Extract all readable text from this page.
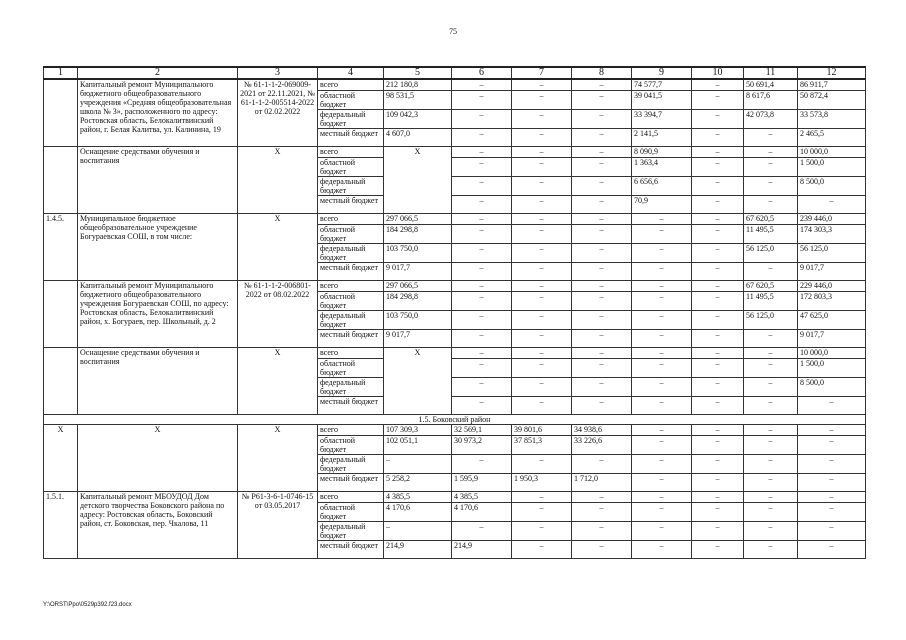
75
1	2	3	4	5	6	7	8	9	10	11	12
	Капитальный ремонт Муниципального бюджетного общеобразовательного учреждения «Средняя общеобразовательная школа № 3», расположенного по адресу: Ростовская область, Белокалитвинский район, г. Белая Калитва, ул. Калинина, 19	№ 61-1-1-2-069009-2021 от 22.11.2021, № 61-1-1-2-005514-2022 от 02.02.2022	всего	212 180,8	–	–	–	74 577,7	–	50 691,4	86 911,7
			областной бюджет	98 531,5	–	–	–	39 041,5	–	8 617,6	50 872,4
			федеральный бюджет	109 042,3	–	–	–	33 394,7	–	42 073,8	33 573,8
			местный бюджет	4 607,0	–	–	–	2 141,5	–	–	2 465,5
	Оснащение средствами обучения и воспитания	Х	всего	Х	–	–	–	8 090,9	–	–	10 000,0
			областной бюджет		–	–	–	1 363,4	–	–	1 500,0
			федеральный бюджет		–	–	–	6 656,6	–	–	8 500,0
			местный бюджет		–	–	–	70,9	–	–	–
1.4.5.	Муниципальное бюджетное общеобразовательное учреждение Богураевская СОШ, в том числе:	Х	всего	297 066,5	–	–	–	–	–	67 620,5	239 446,0
			областной бюджет	184 298,8	–	–	–	–	–	11 495,5	174 303,3
			федеральный бюджет	103 750,0	–	–	–	–	–	56 125,0	56 125,0
			местный бюджет	9 017,7	–	–	–	–	–	–	9 017,7
	Капитальный ремонт Муниципального бюджетного общеобразовательного учреждения Богураевская СОШ, по адресу: Ростовская область, Белокалитвинский район, х. Богураев, пер. Школьный, д. 2	№ 61-1-1-2-006801-2022 от 08.02.2022	всего	297 066,5	–	–	–	–	–	67 620,5	229 446,0
			областной бюджет	184 298,8	–	–	–	–	–	11 495,5	172 803,3
			федеральный бюджет	103 750,0	–	–	–	–	–	56 125,0	47 625,0
			местный бюджет	9 017,7	–	–	–	–	–	–	9 017,7
	Оснащение средствами обучения и воспитания	Х	всего	Х	–	–	–	–	–	–	10 000,0
			областной бюджет		–	–	–	–	–	–	1 500,0
			федеральный бюджет		–	–	–	–	–	–	8 500,0
			местный бюджет		–	–	–	–	–	–	–
1.5. Боковский район											
Х	Х	Х	всего	107 309,3	32 569,1	39 801,6	34 938,6	–	–	–	–
			областной бюджет	102 051,1	30 973,2	37 851,3	33 226,6	–	–	–	–
			федеральный бюджет	–	–	–	–	–	–	–	–
			местный бюджет	5 258,2	1 595,9	1 950,3	1 712,0	–	–	–	–
1.5.1.	Капитальный ремонт МБОУДОД Дом детского творчества Боковского района по адресу: Ростовская область, Боковский район, ст. Боковская, пер. Чкалова, 11	№ Р61-3-6-1-0746-15 от 03.05.2017	всего	4 385,5	4 385,5	–	–	–	–	–	–
			областной бюджет	4 170,6	4 170,6	–	–	–	–	–	–
			федеральный бюджет	–	–	–	–	–	–	–	–
			местный бюджет	214,9	214,9	–	–	–	–	–	–
Y:\ORST\Ppo\0529p392.f23.docx
